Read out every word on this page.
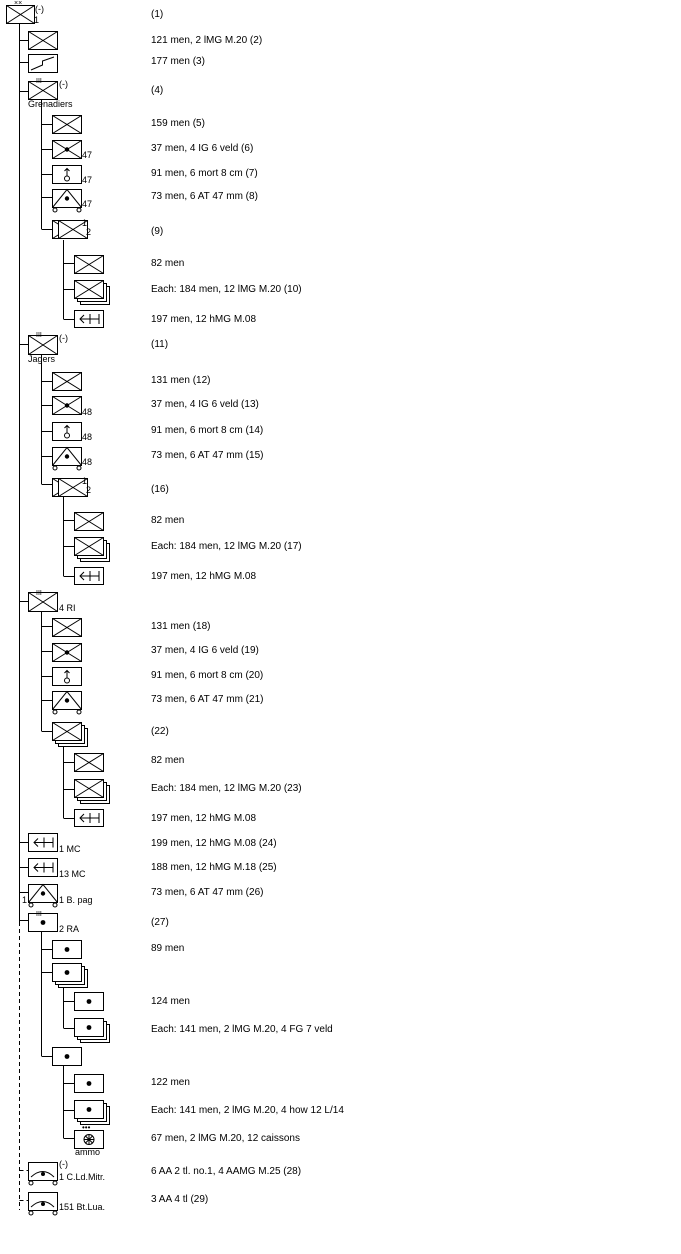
××
(1)
1
(-)
121 men, 2 lMG M.20 (2)
177 men (3)
III
(4)
Grenadiers
(-)
159 men (5)
37 men, 4 IG 6 veld (6)
47
91 men, 6 mort 8 cm (7)
47
73 men, 6 AT 47 mm (8)
47
(9)
1
2
82 men
Each: 184 men, 12 lMG M.20 (10)
197 men, 12 hMG M.08
III
(11)
Jagers
(-)
131 men (12)
37 men, 4 IG 6 veld (13)
48
91 men, 6 mort 8 cm (14)
48
73 men, 6 AT 47 mm (15)
48
(16)
1
2
82 men
Each: 184 men, 12 lMG M.20 (17)
197 men, 12 hMG M.08
III
4 RI
131 men (18)
37 men, 4 IG 6 veld (19)
91 men, 6 mort 8 cm (20)
73 men, 6 AT 47 mm (21)
(22)
82 men
Each: 184 men, 12 lMG M.20 (23)
197 men, 12 hMG M.08
199 men, 12 hMG M.08 (24)
1 MC
188 men, 12 hMG M.18 (25)
13 MC
73 men, 6 AT 47 mm (26)
1 B. pag
1
III
(27)
2 RA
89 men
124 men
Each: 141 men, 2 lMG M.20, 4 FG 7 veld
122 men
Each: 141 men, 2 lMG M.20, 4 how 12 L/14
•••
67 men, 2 lMG M.20, 12 caissons
ammo
6 AA 2 tl. no.1, 4 AAMG M.25 (28)
1 C.Ld.Mitr.
(-)
3 AA 4 tl (29)
151 Bt.Lua.
